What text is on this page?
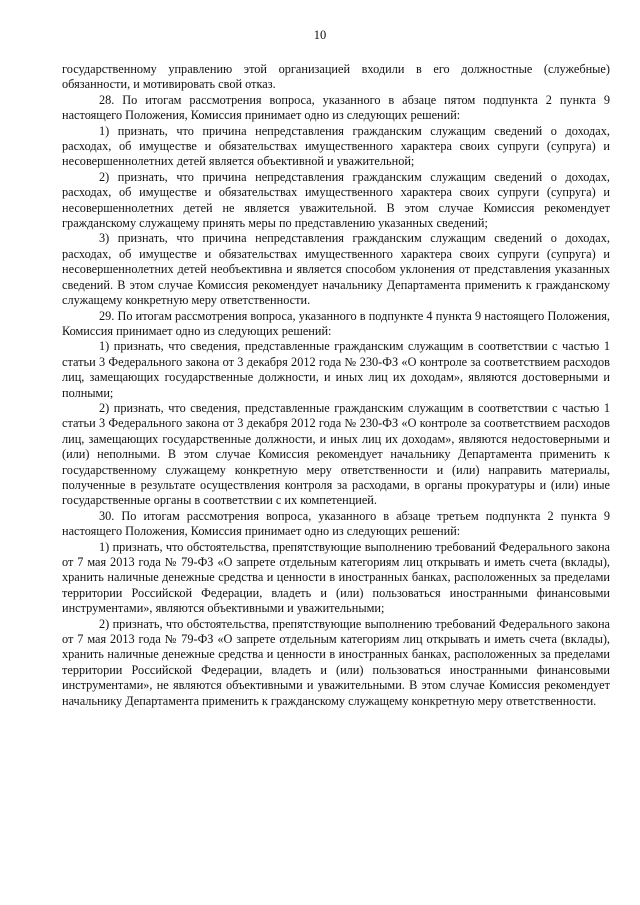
10

государственному управлению этой организацией входили в его должностные (служебные) обязанности, и мотивировать свой отказ.

28. По итогам рассмотрения вопроса, указанного в абзаце пятом подпункта 2 пункта 9 настоящего Положения, Комиссия принимает одно из следующих решений:

1) признать, что причина непредставления гражданским служащим сведений о доходах, расходах, об имуществе и обязательствах имущественного характера своих супруги (супруга) и несовершеннолетних детей является объективной и уважительной;

2) признать, что причина непредставления гражданским служащим сведений о доходах, расходах, об имуществе и обязательствах имущественного характера своих супруги (супруга) и несовершеннолетних детей не является уважительной. В этом случае Комиссия рекомендует гражданскому служащему принять меры по представлению указанных сведений;

3) признать, что причина непредставления гражданским служащим сведений о доходах, расходах, об имуществе и обязательствах имущественного характера своих супруги (супруга) и несовершеннолетних детей необъективна и является способом уклонения от представления указанных сведений. В этом случае Комиссия рекомендует начальнику Департамента применить к гражданскому служащему конкретную меру ответственности.

29. По итогам рассмотрения вопроса, указанного в подпункте 4 пункта 9 настоящего Положения, Комиссия принимает одно из следующих решений:

1) признать, что сведения, представленные гражданским служащим в соответствии с частью 1 статьи 3 Федерального закона от 3 декабря 2012 года № 230-ФЗ «О контроле за соответствием расходов лиц, замещающих государственные должности, и иных лиц их доходам», являются достоверными и полными;

2) признать, что сведения, представленные гражданским служащим в соответствии с частью 1 статьи 3 Федерального закона от 3 декабря 2012 года № 230-ФЗ «О контроле за соответствием расходов лиц, замещающих государственные должности, и иных лиц их доходам», являются недостоверными и (или) неполными. В этом случае Комиссия рекомендует начальнику Департамента применить к государственному служащему конкретную меру ответственности и (или) направить материалы, полученные в результате осуществления контроля за расходами, в органы прокуратуры и (или) иные государственные органы в соответствии с их компетенцией.

30. По итогам рассмотрения вопроса, указанного в абзаце третьем подпункта 2 пункта 9 настоящего Положения, Комиссия принимает одно из следующих решений:

1) признать, что обстоятельства, препятствующие выполнению требований Федерального закона от 7 мая 2013 года № 79-ФЗ «О запрете отдельным категориям лиц открывать и иметь счета (вклады), хранить наличные денежные средства и ценности в иностранных банках, расположенных за пределами территории Российской Федерации, владеть и (или) пользоваться иностранными финансовыми инструментами», являются объективными и уважительными;

2) признать, что обстоятельства, препятствующие выполнению требований Федерального закона от 7 мая 2013 года № 79-ФЗ «О запрете отдельным категориям лиц открывать и иметь счета (вклады), хранить наличные денежные средства и ценности в иностранных банках, расположенных за пределами территории Российской Федерации, владеть и (или) пользоваться иностранными финансовыми инструментами», не являются объективными и уважительными. В этом случае Комиссия рекомендует начальнику Департамента применить к гражданскому служащему конкретную меру ответственности.
